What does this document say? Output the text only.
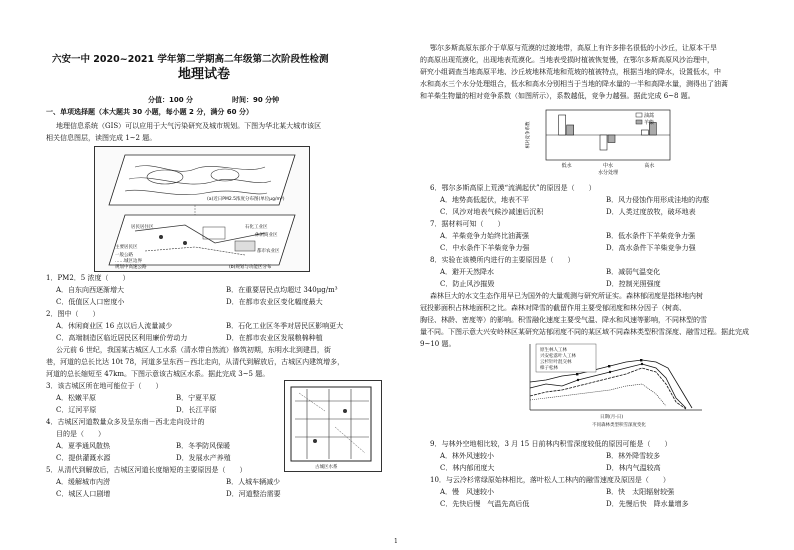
六安一中 2020~2021 学年第二学期高二年级第二次阶段性检测
地理试卷
分值：100 分	时间：90 分钟
一、单项选择题（本大题共 30 小题，每小题 2 分，满分 60 分）
地理信息系统（GIS）可以应用于大气污染研究及城市规划。下图为华北某大城市该区
相关信息图层，读图完成 1~2 题。
(a)近日PM2.5浓度分布图(单位μg/m³)
居民居住区	石化工业区
休闲商业区
主要居民区
一般公路
……城区边界
规划中高速公路
都市农业区
(b)规划与功能区分布
1．PM2．5 浓度（　　）
A．自东向西逐渐增大	B．在重要居民点均超过 340μg/m³
C．低值区人口密度小	D．在都市农业区变化幅度最大
2．图中（　　）
A．休闲商业区 16 点以后人流量减少	B．石化工业区冬季对居民区影响更大
C．高端制造区临近居民区利用廉价劳动力	D．在都市农业区发展粮棉种植
公元前 6 世纪，我国某古城区人工水系（清水带自然流）修筑初期，东明水北到建昌，街
巷，河道的总长比达 10t 78，河道多呈东西－西北走向，从清代到解放后，古城区内建筑增多，
河道的总长缩短至 47km。下图示意该古城区水系。据此完成 3~5 题。
古城区水系
3．该古城区所在地可能位于（　　）
A．松嫩平原	B．宁夏平原
C．辽河平原	D．长江平原
4．古城区河道数量众多及呈东南－西北走向设计的
目的是（　　）
A．夏季通风散热	B．冬季防风保暖
C．提供灌溉水源	D．发展水产养殖
5．从清代到解放后，古城区河道长度缩短的主要原因是（　　）
A．缓解城市内涝	B．人城车辆减少
C．城区人口剧增	D．河道整治需要
鄂尔多斯高原东部介于草原与荒漠的过渡地带，高原上有许多排名很低的小沙丘，让原本干旱
的高原出现荒漠化，出现地表荒漠化。当地表受损时植被恢复慢，在鄂尔多斯高原风沙治理中，
研究小组调查当地高原平地、沙丘坡地林荒地和荒坡的植被特点，根据当地的降水，设置低水，中
水和高水三个水分处理组合，低水和高水分别相当于当地的降水量的一半和高降水量，测得出了油蒿
和羊柴生物量的相对竞争系数（如图所示），系数越低，竞争力越强。据此完成 6~8 题。
低水	中水	高水
水分处理
相对竞争系数
油蒿
羊柴
6．鄂尔多斯高原上荒漠“流满起伏”的原因是（　　）
A．地势高低起伏，地表不平	B．风力侵蚀作用形成洼地的沟壑
C．风沙对地表气候沙减速后沉积	D．人类过度放牧，破坏地表
7．据材料可知（　　）
A．羊柴竞争力始终比油蒿强	B．低水条件下羊柴竞争力强
C．中水条件下羊柴竞争力强	D．高水条件下羊柴竞争力强
8．实验在该模所内进行的主要原因是（　　）
A．避开天然降水	B．减弱气温变化
C．防止风沙摧毁	D．控制光照强度
森林巨大的水文生态作用早已为国外的大量观测与研究所证实。森林郁闭度是指林地内树
冠投影面积占林地面积之比。森林对降雪的截留作用主要受郁闭度和林分因子（树高、
胸径、林龄、密度等）的影响。积雪融化速度主要受气温、降水和风速等影响，不同林型的雪
量不同。下图示意大兴安岭林区某研究站郁闭度不同的某区域不同森林类型积雪深度、融雪过程。据此完成
9~10 题。
原生林人工林
兴安松落叶人工林
云杉针叶混交林
樟子松林
日期(月-日)
不同森林类型积雪深度变化
9．与林外空地相比较，3 月 15 日前林内积雪深度较低的原因可能是（　　）
A．林外风速较小	B．林外降雪较多
C．林内郁闭度大	D．林内气温较高
10．与云冷杉常绿原始林相比，落叶松人工林内的融雪速度及原因是（　　）
A．慢　风速较小	B．快　太阳辐射较强
C．先快后慢　气温先高后低	D．先慢后快　降水量增多
1
